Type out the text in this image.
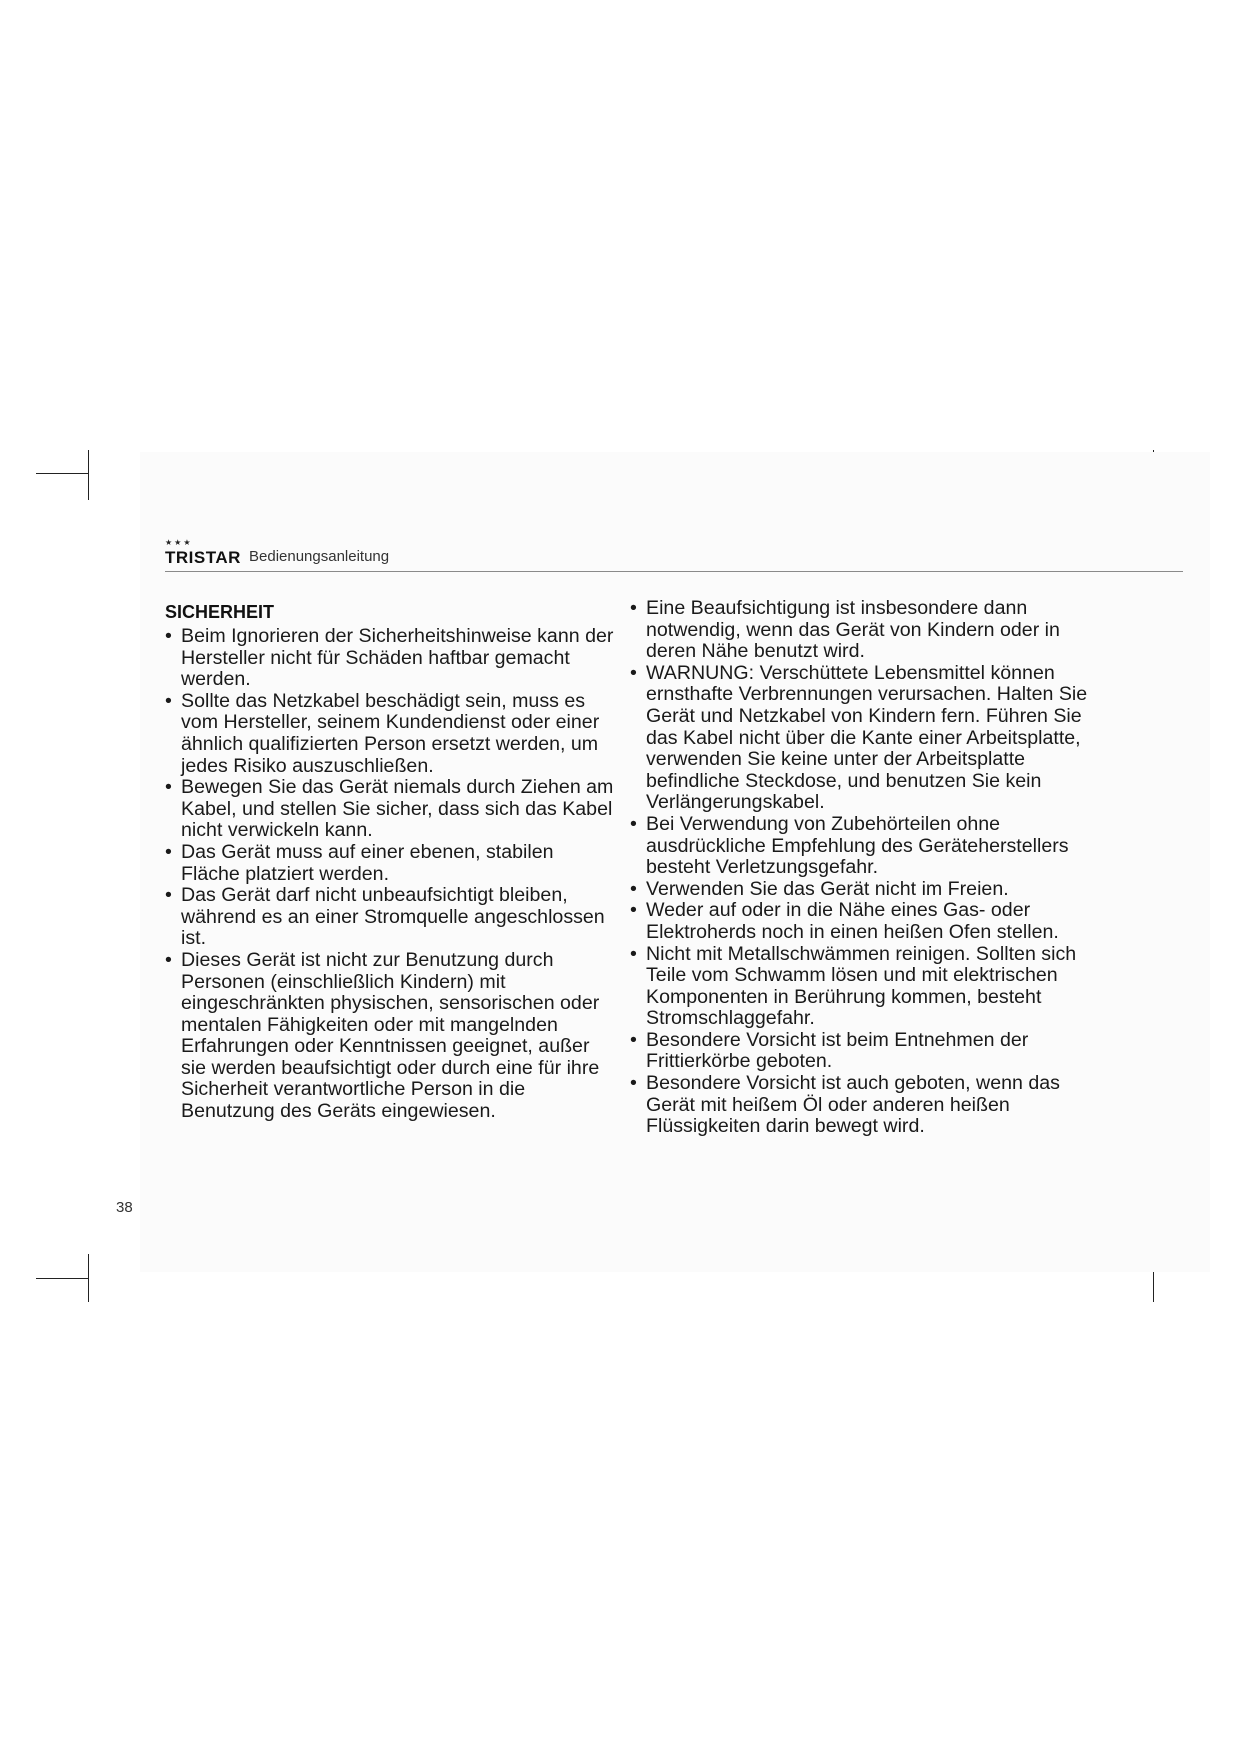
★★★
TRISTAR Bedienungsanleitung
SICHERHEIT
• Beim Ignorieren der Sicherheitshinweise kann der Hersteller nicht für Schäden haftbar gemacht werden.
• Sollte das Netzkabel beschädigt sein, muss es vom Hersteller, seinem Kundendienst oder einer ähnlich qualifizierten Person ersetzt werden, um jedes Risiko auszuschließen.
• Bewegen Sie das Gerät niemals durch Ziehen am Kabel, und stellen Sie sicher, dass sich das Kabel nicht verwickeln kann.
• Das Gerät muss auf einer ebenen, stabilen Fläche platziert werden.
• Das Gerät darf nicht unbeaufsichtigt bleiben, während es an einer Stromquelle angeschlossen ist.
• Dieses Gerät ist nicht zur Benutzung durch Personen (einschließlich Kindern) mit eingeschränkten physischen, sensorischen oder mentalen Fähigkeiten oder mit mangelnden Erfahrungen oder Kenntnissen geeignet, außer sie werden beaufsichtigt oder durch eine für ihre Sicherheit verantwortliche Person in die Benutzung des Geräts eingewiesen.
• Eine Beaufsichtigung ist insbesondere dann notwendig, wenn das Gerät von Kindern oder in deren Nähe benutzt wird.
• WARNUNG: Verschüttete Lebensmittel können ernsthafte Verbrennungen verursachen. Halten Sie Gerät und Netzkabel von Kindern fern. Führen Sie das Kabel nicht über die Kante einer Arbeitsplatte, verwenden Sie keine unter der Arbeitsplatte befindliche Steckdose, und benutzen Sie kein Verlängerungskabel.
• Bei Verwendung von Zubehörteilen ohne ausdrückliche Empfehlung des Geräteherstellers besteht Verletzungsgefahr.
• Verwenden Sie das Gerät nicht im Freien.
• Weder auf oder in die Nähe eines Gas- oder Elektroherds noch in einen heißen Ofen stellen.
• Nicht mit Metallschwämmen reinigen. Sollten sich Teile vom Schwamm lösen und mit elektrischen Komponenten in Berührung kommen, besteht Stromschlaggefahr.
• Besondere Vorsicht ist beim Entnehmen der Frittierkörbe geboten.
• Besondere Vorsicht ist auch geboten, wenn das Gerät mit heißem Öl oder anderen heißen Flüssigkeiten darin bewegt wird.
38
